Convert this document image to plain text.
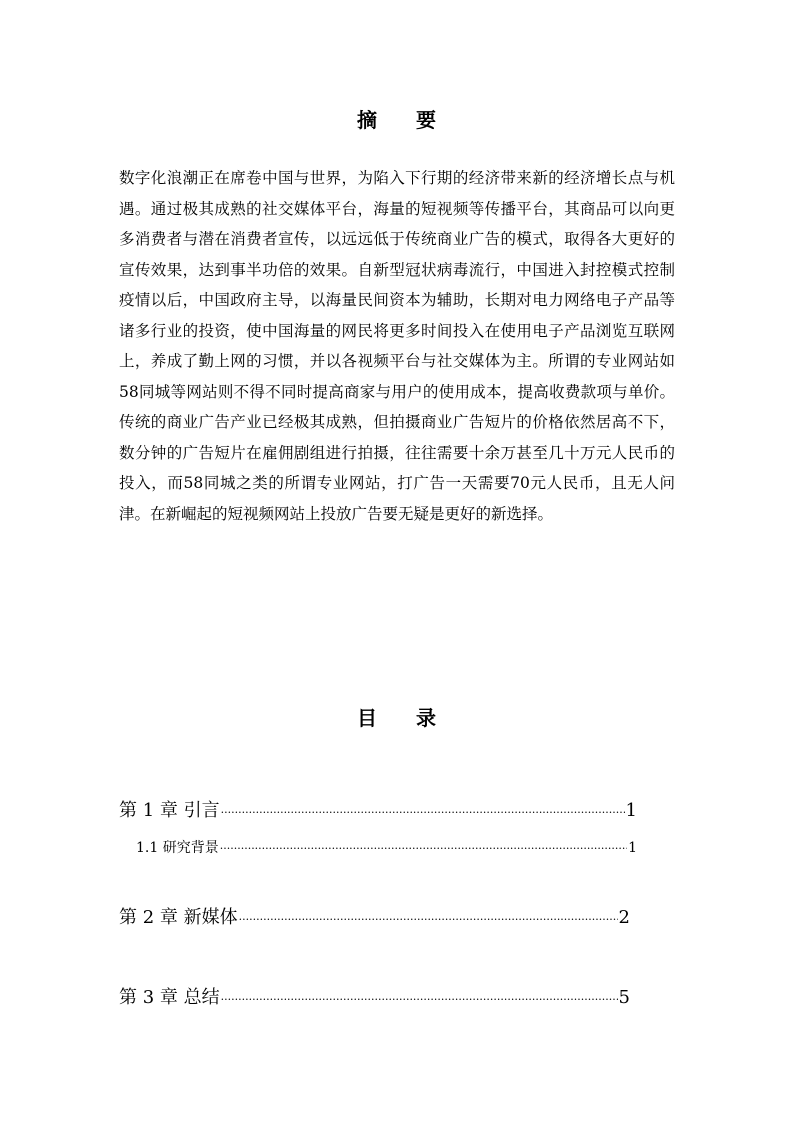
摘 要

数字化浪潮正在席卷中国与世界，为陷入下行期的经济带来新的经济增长点与机遇。通过极其成熟的社交媒体平台，海量的短视频等传播平台，其商品可以向更多消费者与潜在消费者宣传，以远远低于传统商业广告的模式，取得各大更好的宣传效果，达到事半功倍的效果。自新型冠状病毒流行，中国进入封控模式控制疫情以后，中国政府主导，以海量民间资本为辅助，长期对电力网络电子产品等诸多行业的投资，使中国海量的网民将更多时间投入在使用电子产品浏览互联网上，养成了勤上网的习惯，并以各视频平台与社交媒体为主。所谓的专业网站如58同城等网站则不得不同时提高商家与用户的使用成本，提高收费款项与单价。传统的商业广告产业已经极其成熟，但拍摄商业广告短片的价格依然居高不下，数分钟的广告短片在雇佣剧组进行拍摄，往往需要十余万甚至几十万元人民币的投入，而58同城之类的所谓专业网站，打广告一天需要70元人民币，且无人问津。在新崛起的短视频网站上投放广告要无疑是更好的新选择。

目 录
第 1 章 引言 ·····	1
1.1 研究背景 ·····	1
第 2 章 新媒体 ·····	2
第 3 章 总结 ·····	5
